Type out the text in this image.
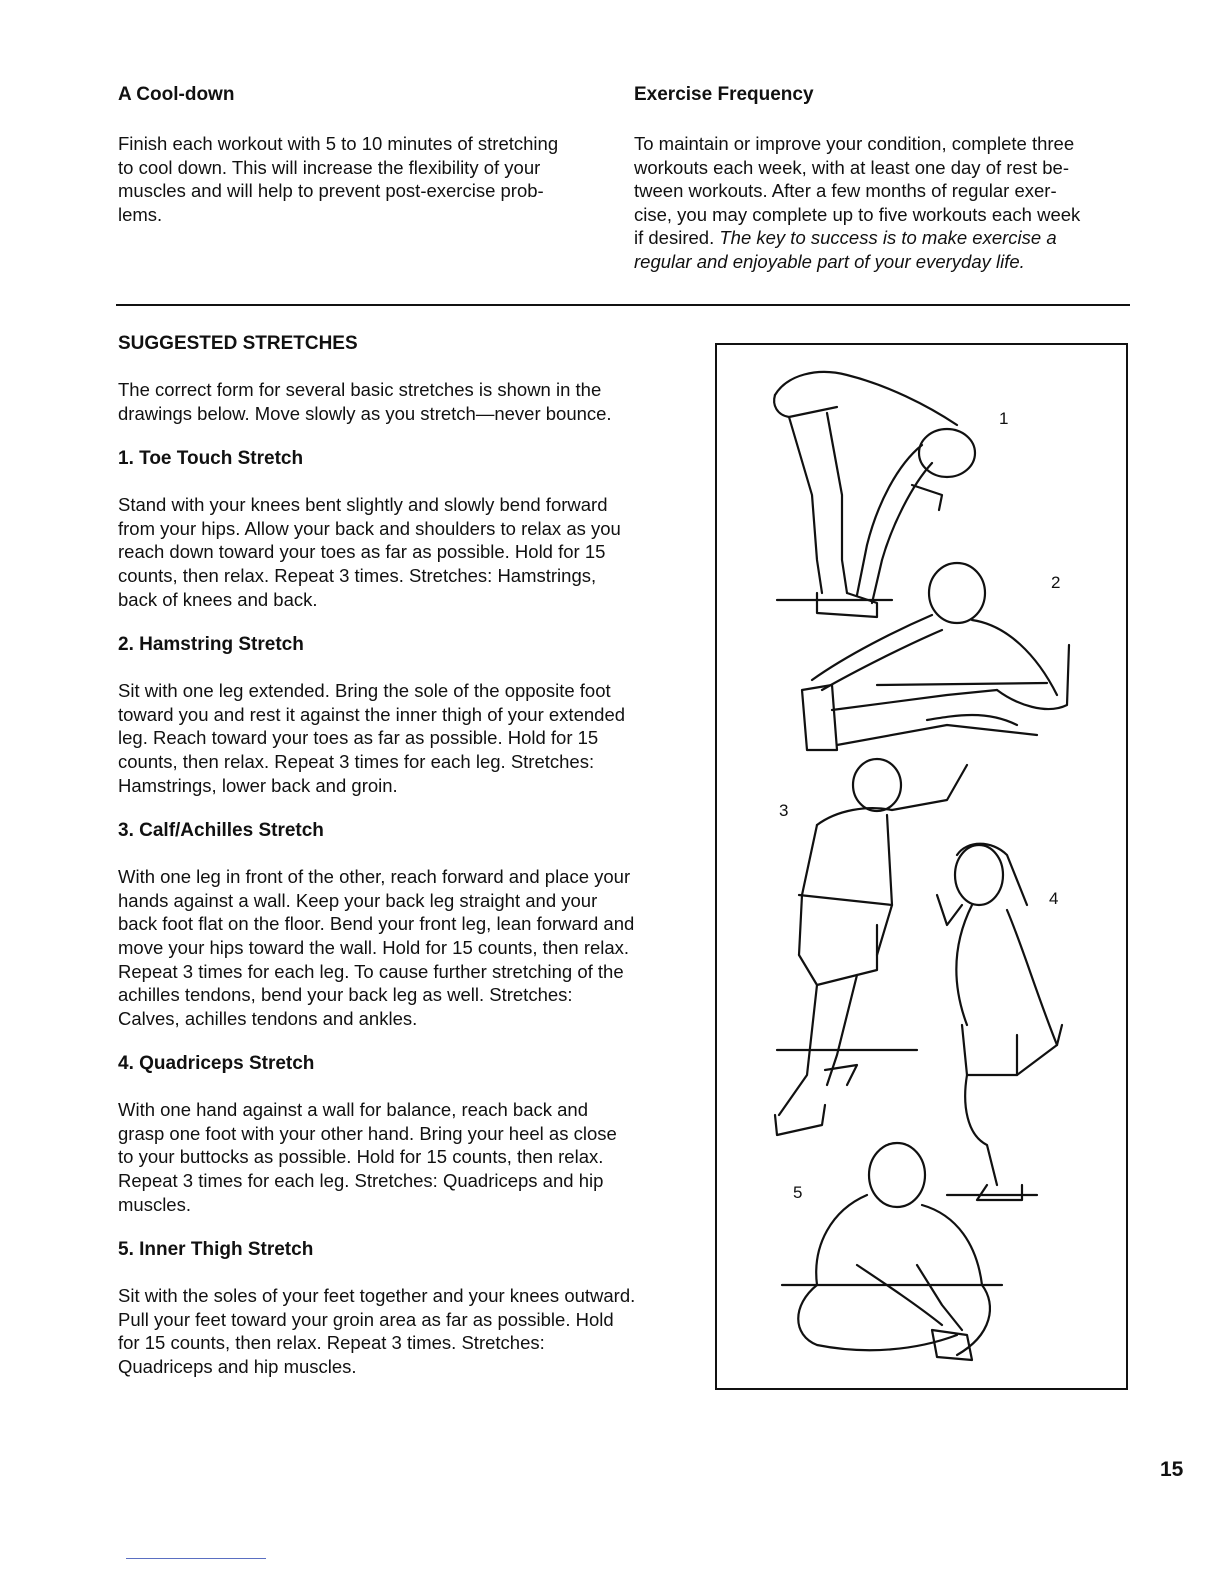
A Cool-down

Finish each workout with 5 to 10 minutes of stretching
to cool down. This will increase the flexibility of your
muscles and will help to prevent post-exercise prob-
lems.

Exercise Frequency

To maintain or improve your condition, complete three
workouts each week, with at least one day of rest be-
tween workouts. After a few months of regular exer-
cise, you may complete up to five workouts each week
if desired. The key to success is to make exercise a
regular and enjoyable part of your everyday life.

SUGGESTED STRETCHES

The correct form for several basic stretches is shown in the
drawings below. Move slowly as you stretch—never bounce.

1. Toe Touch Stretch

Stand with your knees bent slightly and slowly bend forward
from your hips. Allow your back and shoulders to relax as you
reach down toward your toes as far as possible. Hold for 15
counts, then relax. Repeat 3 times. Stretches: Hamstrings,
back of knees and back.

2. Hamstring Stretch

Sit with one leg extended. Bring the sole of the opposite foot
toward you and rest it against the inner thigh of your extended
leg. Reach toward your toes as far as possible. Hold for 15
counts, then relax. Repeat 3 times for each leg. Stretches:
Hamstrings, lower back and groin.

3. Calf/Achilles Stretch

With one leg in front of the other, reach forward and place your
hands against a wall. Keep your back leg straight and your
back foot flat on the floor. Bend your front leg, lean forward and
move your hips toward the wall. Hold for 15 counts, then relax.
Repeat 3 times for each leg. To cause further stretching of the
achilles tendons, bend your back leg as well. Stretches:
Calves, achilles tendons and ankles.

4. Quadriceps Stretch

With one hand against a wall for balance, reach back and
grasp one foot with your other hand. Bring your heel as close
to your buttocks as possible. Hold for 15 counts, then relax.
Repeat 3 times for each leg. Stretches: Quadriceps and hip
muscles.

5. Inner Thigh Stretch

Sit with the soles of your feet together and your knees outward.
Pull your feet toward your groin area as far as possible. Hold
for 15 counts, then relax. Repeat 3 times. Stretches:
Quadriceps and hip muscles.

1
2
3
4
5
15
